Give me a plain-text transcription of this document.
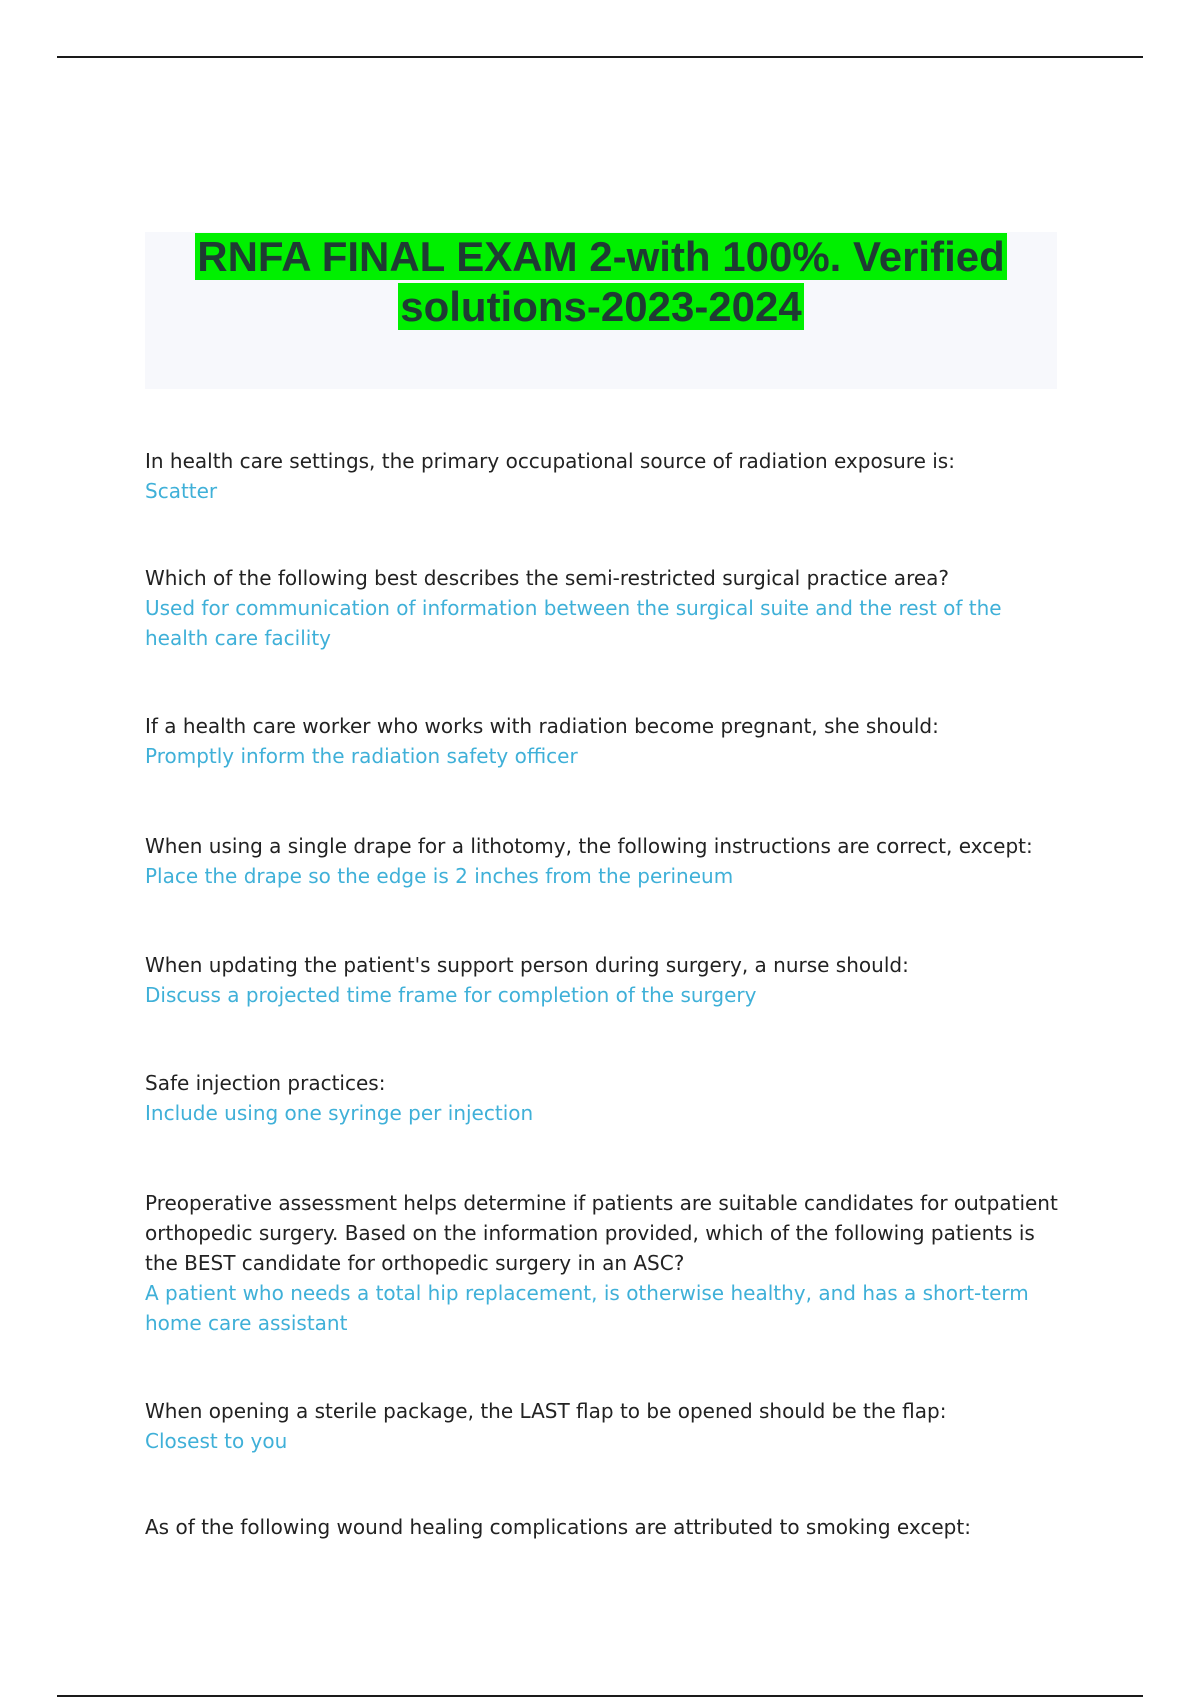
RNFA FINAL EXAM 2-with 100%. Verified solutions-2023-2024

In health care settings, the primary occupational source of radiation exposure is:

Scatter

Which of the following best describes the semi-restricted surgical practice area?

Used for communication of information between the surgical suite and the rest of the health care facility

If a health care worker who works with radiation become pregnant, she should:

Promptly inform the radiation safety officer

When using a single drape for a lithotomy, the following instructions are correct, except:

Place the drape so the edge is 2 inches from the perineum

When updating the patient's support person during surgery, a nurse should:

Discuss a projected time frame for completion of the surgery

Safe injection practices:

Include using one syringe per injection

Preoperative assessment helps determine if patients are suitable candidates for outpatient orthopedic surgery. Based on the information provided, which of the following patients is the BEST candidate for orthopedic surgery in an ASC?

A patient who needs a total hip replacement, is otherwise healthy, and has a short-term home care assistant

When opening a sterile package, the LAST flap to be opened should be the flap:

Closest to you

As of the following wound healing complications are attributed to smoking except:
